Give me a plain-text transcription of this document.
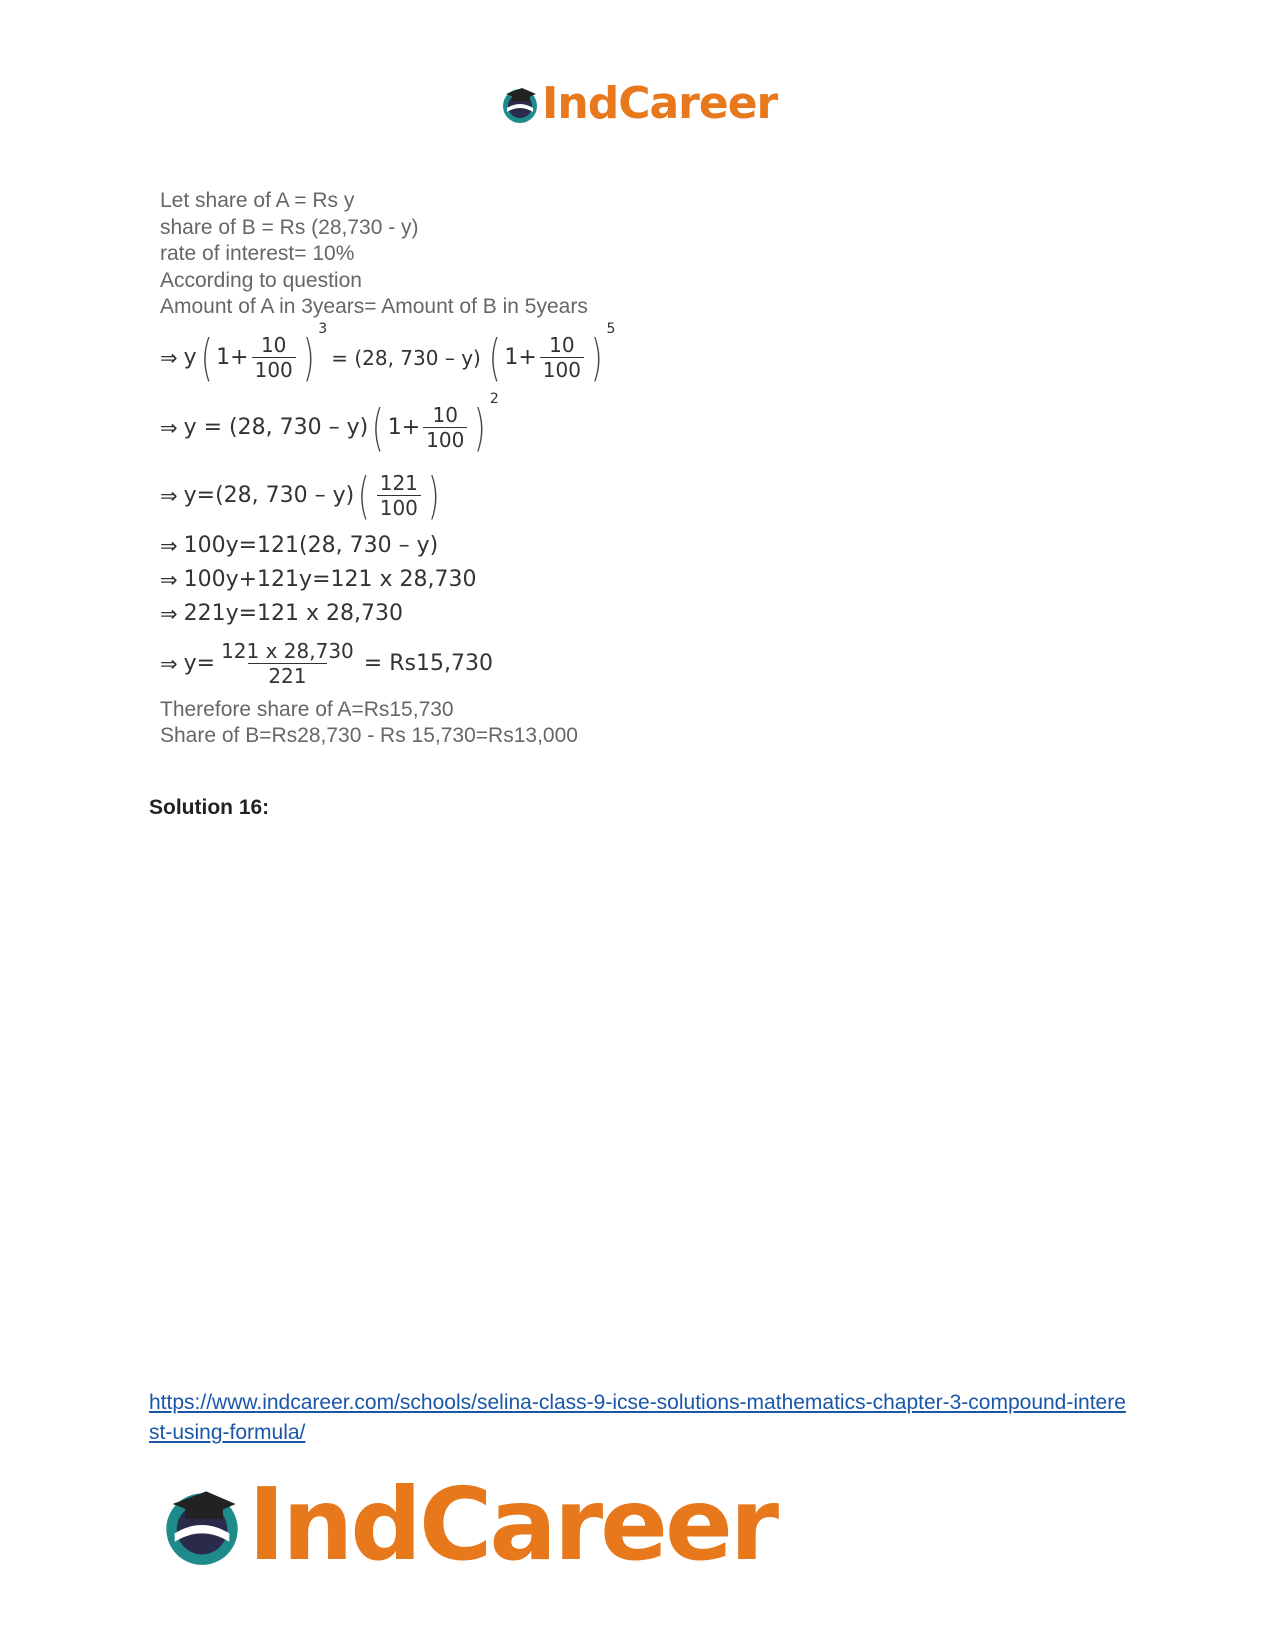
IndCareer
Let share of A = Rs y
share of B = Rs (28,730 - y)
rate of interest= 10%
According to question
Amount of A in 3years= Amount of B in 5years
⇒ y ( $1+ \frac{10}{100}$ ) 3
= (28, 730 – y) ( $1+ \frac{10}{100}$ ) 5
⇒ y = (28, 730 – y) ( $1+ \frac{10}{100}$ ) 2
⇒ y=(28, 730 – y) ( $\frac{121}{100}$ )
⇒ 100y=121(28, 730 – y)
⇒ 100y+121y=121 x 28,730
⇒ 221y=121 x 28,730
⇒ $y= \frac{121 x 28,730}{221} = Rs15,730$
Therefore share of A=Rs15,730
Share of B=Rs28,730 - Rs 15,730=Rs13,000
Solution 16:
https://www.indcareer.com/schools/selina-class-9-icse-solutions-mathematics-chapter-3-compound-interest-using-formula/
IndCareer
